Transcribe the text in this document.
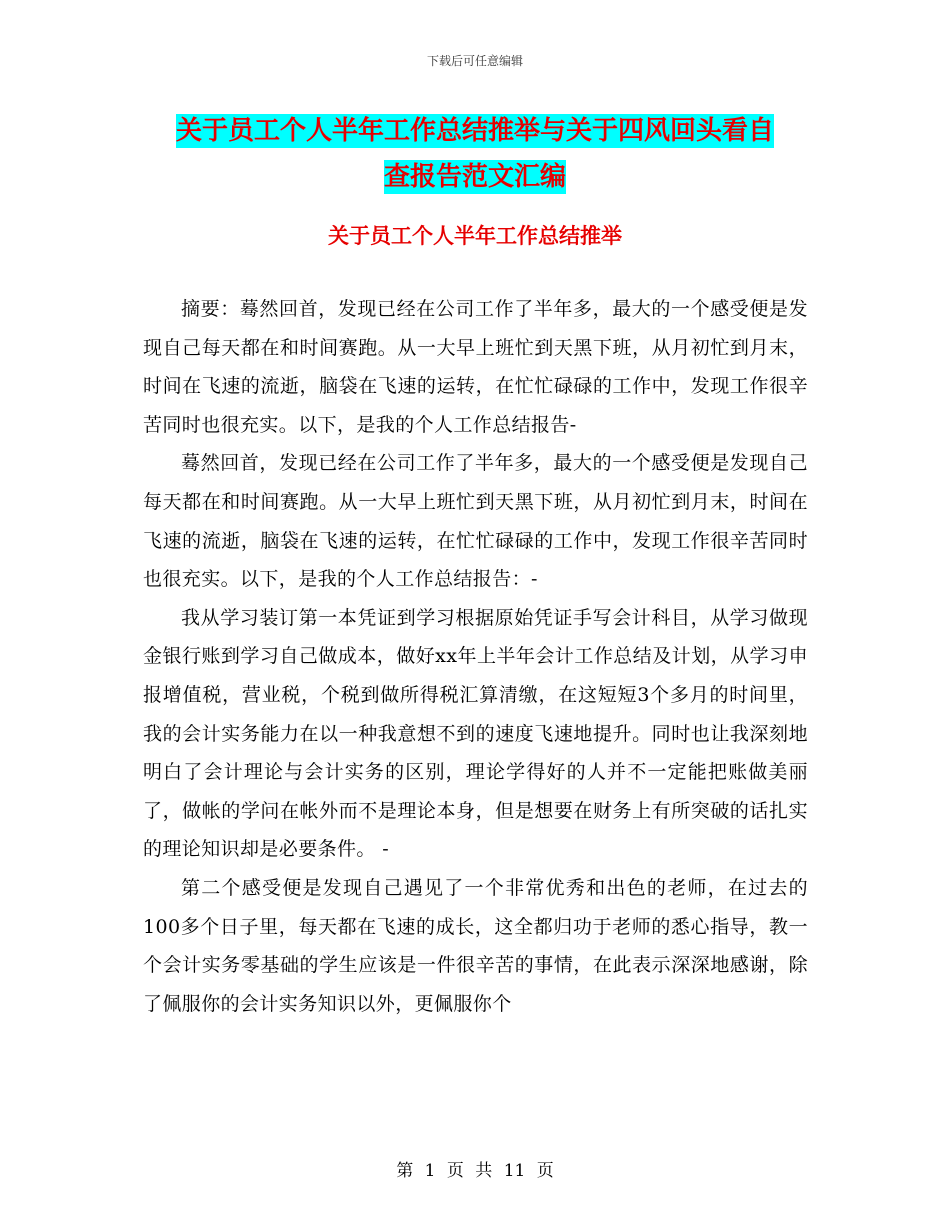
下载后可任意编辑
关于员工个人半年工作总结推举与关于四风回头看自
查报告范文汇编
关于员工个人半年工作总结推举

摘要：蓦然回首，发现已经在公司工作了半年多，最大的一个感受便是发现自己每天都在和时间赛跑。从一大早上班忙到天黑下班，从月初忙到月末，时间在飞速的流逝，脑袋在飞速的运转，在忙忙碌碌的工作中，发现工作很辛苦同时也很充实。以下，是我的个人工作总结报告-

蓦然回首，发现已经在公司工作了半年多，最大的一个感受便是发现自己每天都在和时间赛跑。从一大早上班忙到天黑下班，从月初忙到月末，时间在飞速的流逝，脑袋在飞速的运转，在忙忙碌碌的工作中，发现工作很辛苦同时也很充实。以下，是我的个人工作总结报告：-

我从学习装订第一本凭证到学习根据原始凭证手写会计科目，从学习做现金银行账到学习自己做成本，做好xx年上半年会计工作总结及计划，从学习申报增值税，营业税，个税到做所得税汇算清缴，在这短短3个多月的时间里，我的会计实务能力在以一种我意想不到的速度飞速地提升。同时也让我深刻地明白了会计理论与会计实务的区别，理论学得好的人并不一定能把账做美丽了，做帐的学问在帐外而不是理论本身，但是想要在财务上有所突破的话扎实的理论知识却是必要条件。 -

第二个感受便是发现自己遇见了一个非常优秀和出色的老师，在过去的100多个日子里，每天都在飞速的成长，这全都归功于老师的悉心指导，教一个会计实务零基础的学生应该是一件很辛苦的事情，在此表示深深地感谢，除了佩服你的会计实务知识以外，更佩服你个

第 1 页 共 11 页
